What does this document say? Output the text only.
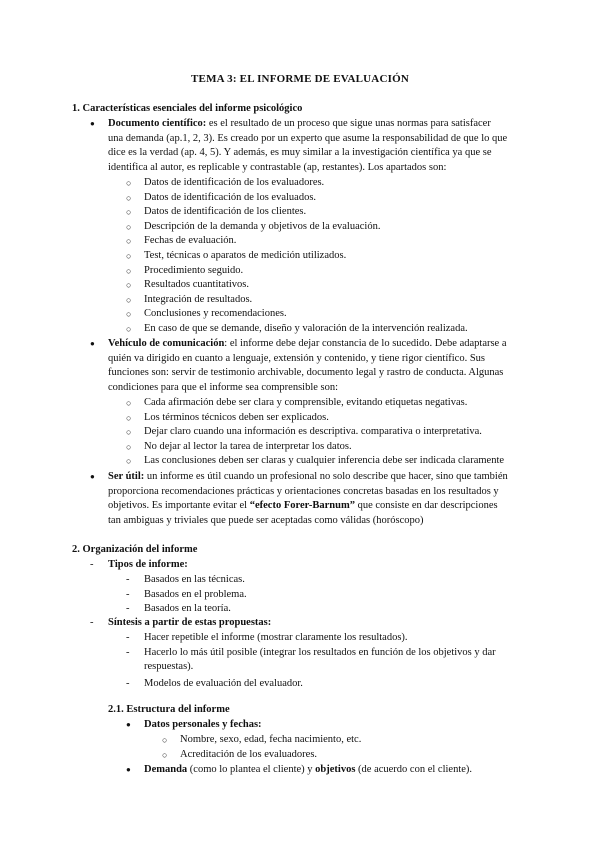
TEMA 3: EL INFORME DE EVALUACIÓN
1. Características esenciales del informe psicológico
● Documento científico: es el resultado de un proceso que sigue unas normas para satisfacer una demanda (ap.1, 2, 3). Es creado por un experto que asume la responsabilidad de que lo que dice es la verdad (ap. 4, 5). Y además, es muy similar a la investigación científica ya que se identifica al autor, es replicable y contrastable (ap, restantes). Los apartados son:
○ Datos de identificación de los evaluadores.
○ Datos de identificación de los evaluados.
○ Datos de identificación de los clientes.
○ Descripción de la demanda y objetivos de la evaluación.
○ Fechas de evaluación.
○ Test, técnicas o aparatos de medición utilizados.
○ Procedimiento seguido.
○ Resultados cuantitativos.
○ Integración de resultados.
○ Conclusiones y recomendaciones.
○ En caso de que se demande, diseño y valoración de la intervención realizada.
● Vehículo de comunicación: el informe debe dejar constancia de lo sucedido. Debe adaptarse a quién va dirigido en cuanto a lenguaje, extensión y contenido, y tiene rigor científico. Sus funciones son: servir de testimonio archivable, documento legal y rastro de conducta. Algunas condiciones para que el informe sea comprensible son:
○ Cada afirmación debe ser clara y comprensible, evitando etiquetas negativas.
○ Los términos técnicos deben ser explicados.
○ Dejar claro cuando una información es descriptiva. comparativa o interpretativa.
○ No dejar al lector la tarea de interpretar los datos.
○ Las conclusiones deben ser claras y cualquier inferencia debe ser indicada claramente
● Ser útil: un informe es útil cuando un profesional no solo describe que hacer, sino que también proporciona recomendaciones prácticas y orientaciones concretas basadas en los resultados y objetivos. Es importante evitar el “efecto Forer-Barnum” que consiste en dar descripciones tan ambiguas y triviales que puede ser aceptadas como válidas (horóscopo)
2. Organización del informe
- Tipos de informe:
- Basados en las técnicas.
- Basados en el problema.
- Basados en la teoría.
- Síntesis a partir de estas propuestas:
- Hacer repetible el informe (mostrar claramente los resultados).
- Hacerlo lo más útil posible (integrar los resultados en función de los objetivos y dar respuestas).
- Modelos de evaluación del evaluador.
2.1. Estructura del informe
● Datos personales y fechas:
○ Nombre, sexo, edad, fecha nacimiento, etc.
○ Acreditación de los evaluadores.
● Demanda (como lo plantea el cliente) y objetivos (de acuerdo con el cliente).
